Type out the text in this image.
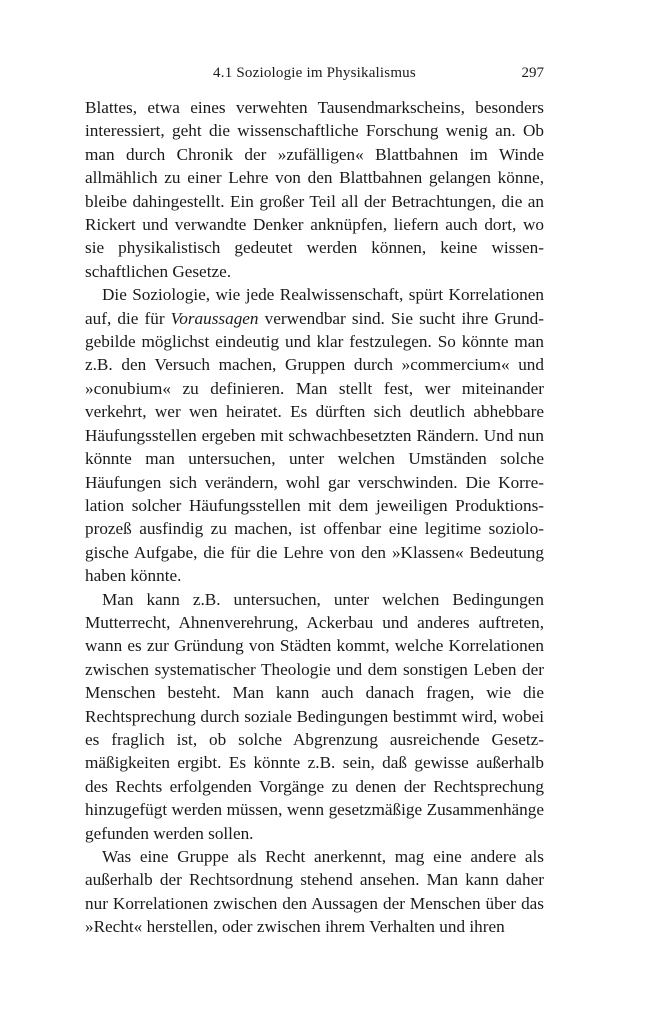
4.1 Soziologie im Physikalismus	297

Blattes, etwa eines verwehten Tausendmarkscheins, besonders interessiert, geht die wissenschaftliche Forschung wenig an. Ob man durch Chronik der »zufälligen« Blattbahnen im Winde allmählich zu einer Lehre von den Blattbahnen gelangen könne, bleibe dahingestellt. Ein großer Teil all der Betrachtungen, die an Rickert und verwandte Denker anknüpfen, liefern auch dort, wo sie physikalistisch gedeutet werden können, keine wissenschaftlichen Gesetze.

Die Soziologie, wie jede Realwissenschaft, spürt Korrelationen auf, die für Voraussagen verwendbar sind. Sie sucht ihre Grundgebilde möglichst eindeutig und klar festzulegen. So könnte man z.B. den Versuch machen, Gruppen durch »commercium« und »conubium« zu definieren. Man stellt fest, wer miteinander verkehrt, wer wen heiratet. Es dürften sich deutlich abhebbare Häufungsstellen ergeben mit schwachbesetzten Rändern. Und nun könnte man untersuchen, unter welchen Umständen solche Häufungen sich verändern, wohl gar verschwinden. Die Korrelation solcher Häufungsstellen mit dem jeweiligen Produktionsprozeß ausfindig zu machen, ist offenbar eine legitime soziologische Aufgabe, die für die Lehre von den »Klassen« Bedeutung haben könnte.

Man kann z.B. untersuchen, unter welchen Bedingungen Mutterrecht, Ahnenverehrung, Ackerbau und anderes auftreten, wann es zur Gründung von Städten kommt, welche Korrelationen zwischen systematischer Theologie und dem sonstigen Leben der Menschen besteht. Man kann auch danach fragen, wie die Rechtsprechung durch soziale Bedingungen bestimmt wird, wobei es fraglich ist, ob solche Abgrenzung ausreichende Gesetzmäßigkeiten ergibt. Es könnte z.B. sein, daß gewisse außerhalb des Rechts erfolgenden Vorgänge zu denen der Rechtsprechung hinzugefügt werden müssen, wenn gesetzmäßige Zusammenhänge gefunden werden sollen.

Was eine Gruppe als Recht anerkennt, mag eine andere als außerhalb der Rechtsordnung stehend ansehen. Man kann daher nur Korrelationen zwischen den Aussagen der Menschen über das »Recht« herstellen, oder zwischen ihrem Verhalten und ihren
